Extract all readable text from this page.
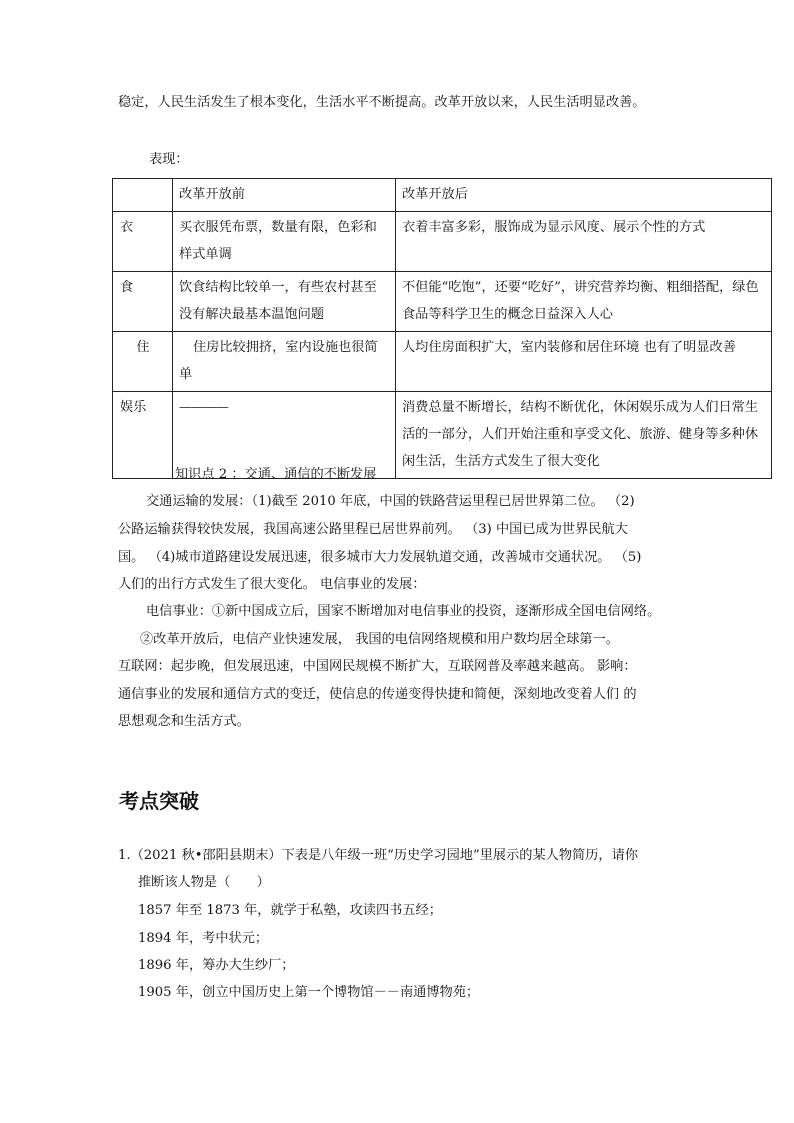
稳定，人民生活发生了根本变化，生活水平不断提高。改革开放以来，人民生活明显改善。
表现：
	改革开放前	改革开放后
衣	买衣服凭布票，数量有限，色彩和样式单调	衣着丰富多彩，服饰成为显示风度、展示个性的方式
食	饮食结构比较单一，有些农村甚至没有解决最基本温饱问题	不但能“吃饱”，还要“吃好”，讲究营养均衡、粗细搭配，绿色食品等科学卫生的概念日益深入人心
住	住房比较拥挤，室内设施也很简单	人均住房面积扩大，室内装修和居住环境 也有了明显改善
娱乐	————	消费总量不断增长，结构不断优化，休闲娱乐成为人们日常生活的一部分，人们开始注重和享受文化、旅游、健身等多种休闲生活，生活方式发生了很大变化
知识点 2 ：交通、通信的不断发展
交通运输的发展：（1)截至 2010 年底，中国的铁路营运里程已居世界第二位。 （2)
公路运输获得较快发展，我国高速公路里程已居世界前列。 （3) 中国已成为世界民航大
国。 （4)城市道路建设发展迅速，很多城市大力发展轨道交通，改善城市交通状况。 （5)
人们的出行方式发生了很大变化。 电信事业的发展：
电信事业：①新中国成立后，国家不断增加对电信事业的投资，逐渐形成全国电信网络。
②改革开放后，电信产业快速发展， 我国的电信网络规模和用户数均居全球第一。
互联网：起步晚，但发展迅速，中国网民规模不断扩大，互联网普及率越来越高。 影响：
通信事业的发展和通信方式的变迁，使信息的传递变得快捷和简便，深刻地改变着人们 的
思想观念和生活方式。
考点突破
1.（2021 秋•邵阳县期末）下表是八年级一班“历史学习园地”里展示的某人物简历，请你
推断该人物是（　　）
1857 年至 1873 年，就学于私塾，攻读四书五经；
1894 年，考中状元；
1896 年，筹办大生纱厂；
1905 年，创立中国历史上第一个博物馆－－南通博物苑；
